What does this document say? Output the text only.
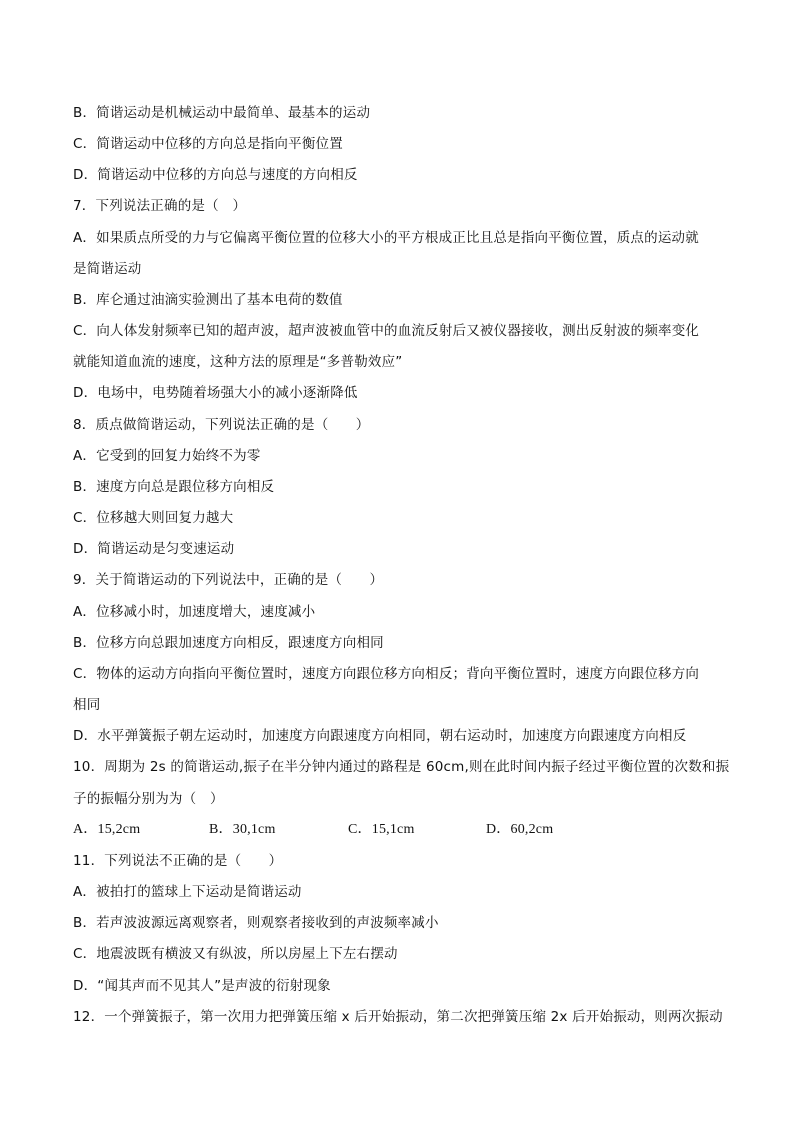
B．简谐运动是机械运动中最简单、最基本的运动
C．简谐运动中位移的方向总是指向平衡位置
D．简谐运动中位移的方向总与速度的方向相反
7．下列说法正确的是（　）
A．如果质点所受的力与它偏离平衡位置的位移大小的平方根成正比且总是指向平衡位置，质点的运动就
是简谐运动
B．库仑通过油滴实验测出了基本电荷的数值
C．向人体发射频率已知的超声波，超声波被血管中的血流反射后又被仪器接收，测出反射波的频率变化
就能知道血流的速度，这种方法的原理是“多普勒效应”
D．电场中，电势随着场强大小的减小逐渐降低
8．质点做简谐运动，下列说法正确的是（　　）
A．它受到的回复力始终不为零
B．速度方向总是跟位移方向相反
C．位移越大则回复力越大
D．简谐运动是匀变速运动
9．关于简谐运动的下列说法中，正确的是（　　）
A．位移减小时，加速度增大，速度减小
B．位移方向总跟加速度方向相反，跟速度方向相同
C．物体的运动方向指向平衡位置时，速度方向跟位移方向相反；背向平衡位置时，速度方向跟位移方向
相同
D．水平弹簧振子朝左运动时，加速度方向跟速度方向相同，朝右运动时，加速度方向跟速度方向相反
10．周期为 2s 的简谐运动,振子在半分钟内通过的路程是 60cm,则在此时间内振子经过平衡位置的次数和振
子的振幅分别为为（　）
A．15,2cm	B．30,1cm	C．15,1cm	D．60,2cm
11．下列说法不正确的是（　　）
A．被拍打的篮球上下运动是简谐运动
B．若声波波源远离观察者，则观察者接收到的声波频率减小
C．地震波既有横波又有纵波，所以房屋上下左右摆动
D．“闻其声而不见其人”是声波的衍射现象
12．一个弹簧振子，第一次用力把弹簧压缩 x 后开始振动，第二次把弹簧压缩 2x 后开始振动，则两次振动
